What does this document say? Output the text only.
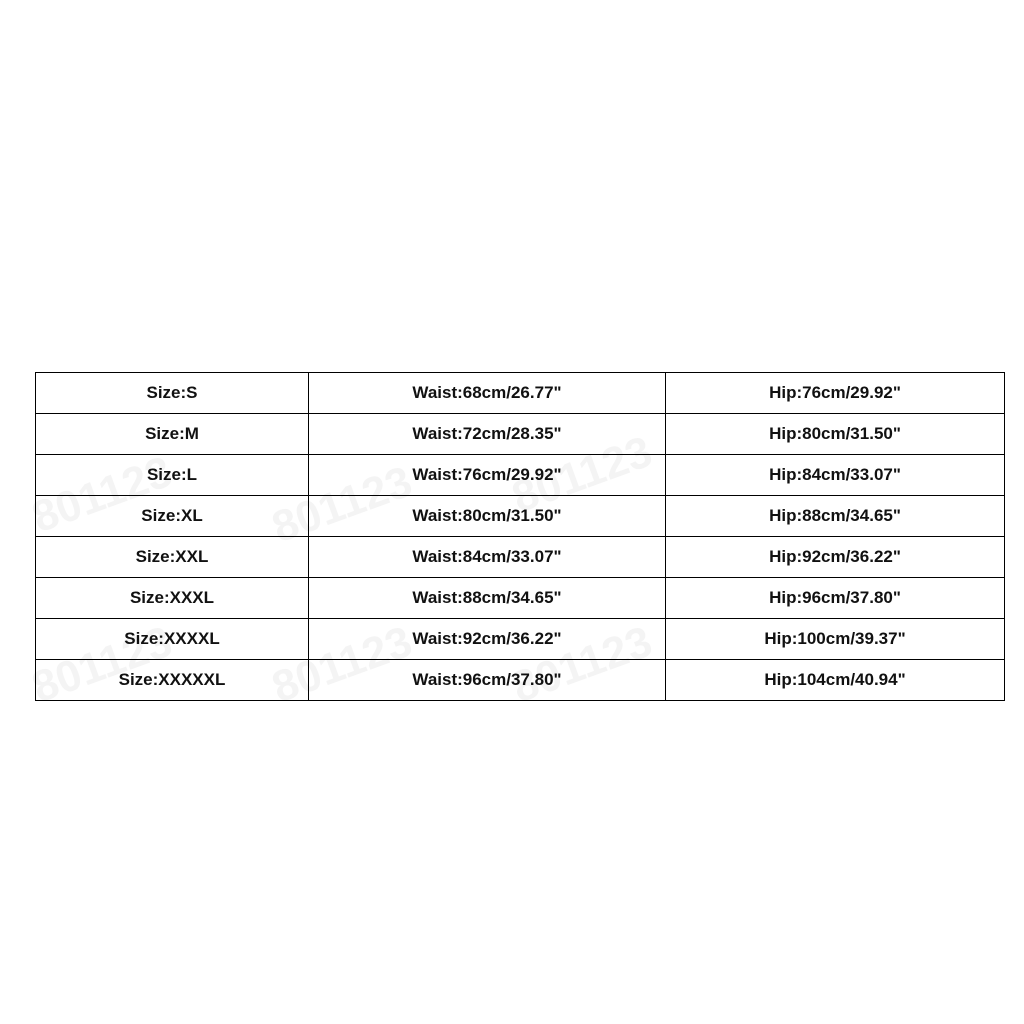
Size:S	Waist:68cm/26.77"	Hip:76cm/29.92"
Size:M	Waist:72cm/28.35"	Hip:80cm/31.50"
Size:L	Waist:76cm/29.92"	Hip:84cm/33.07"
Size:XL	Waist:80cm/31.50"	Hip:88cm/34.65"
Size:XXL	Waist:84cm/33.07"	Hip:92cm/36.22"
Size:XXXL	Waist:88cm/34.65"	Hip:96cm/37.80"
Size:XXXXL	Waist:92cm/36.22"	Hip:100cm/39.37"
Size:XXXXXL	Waist:96cm/37.80"	Hip:104cm/40.94"
